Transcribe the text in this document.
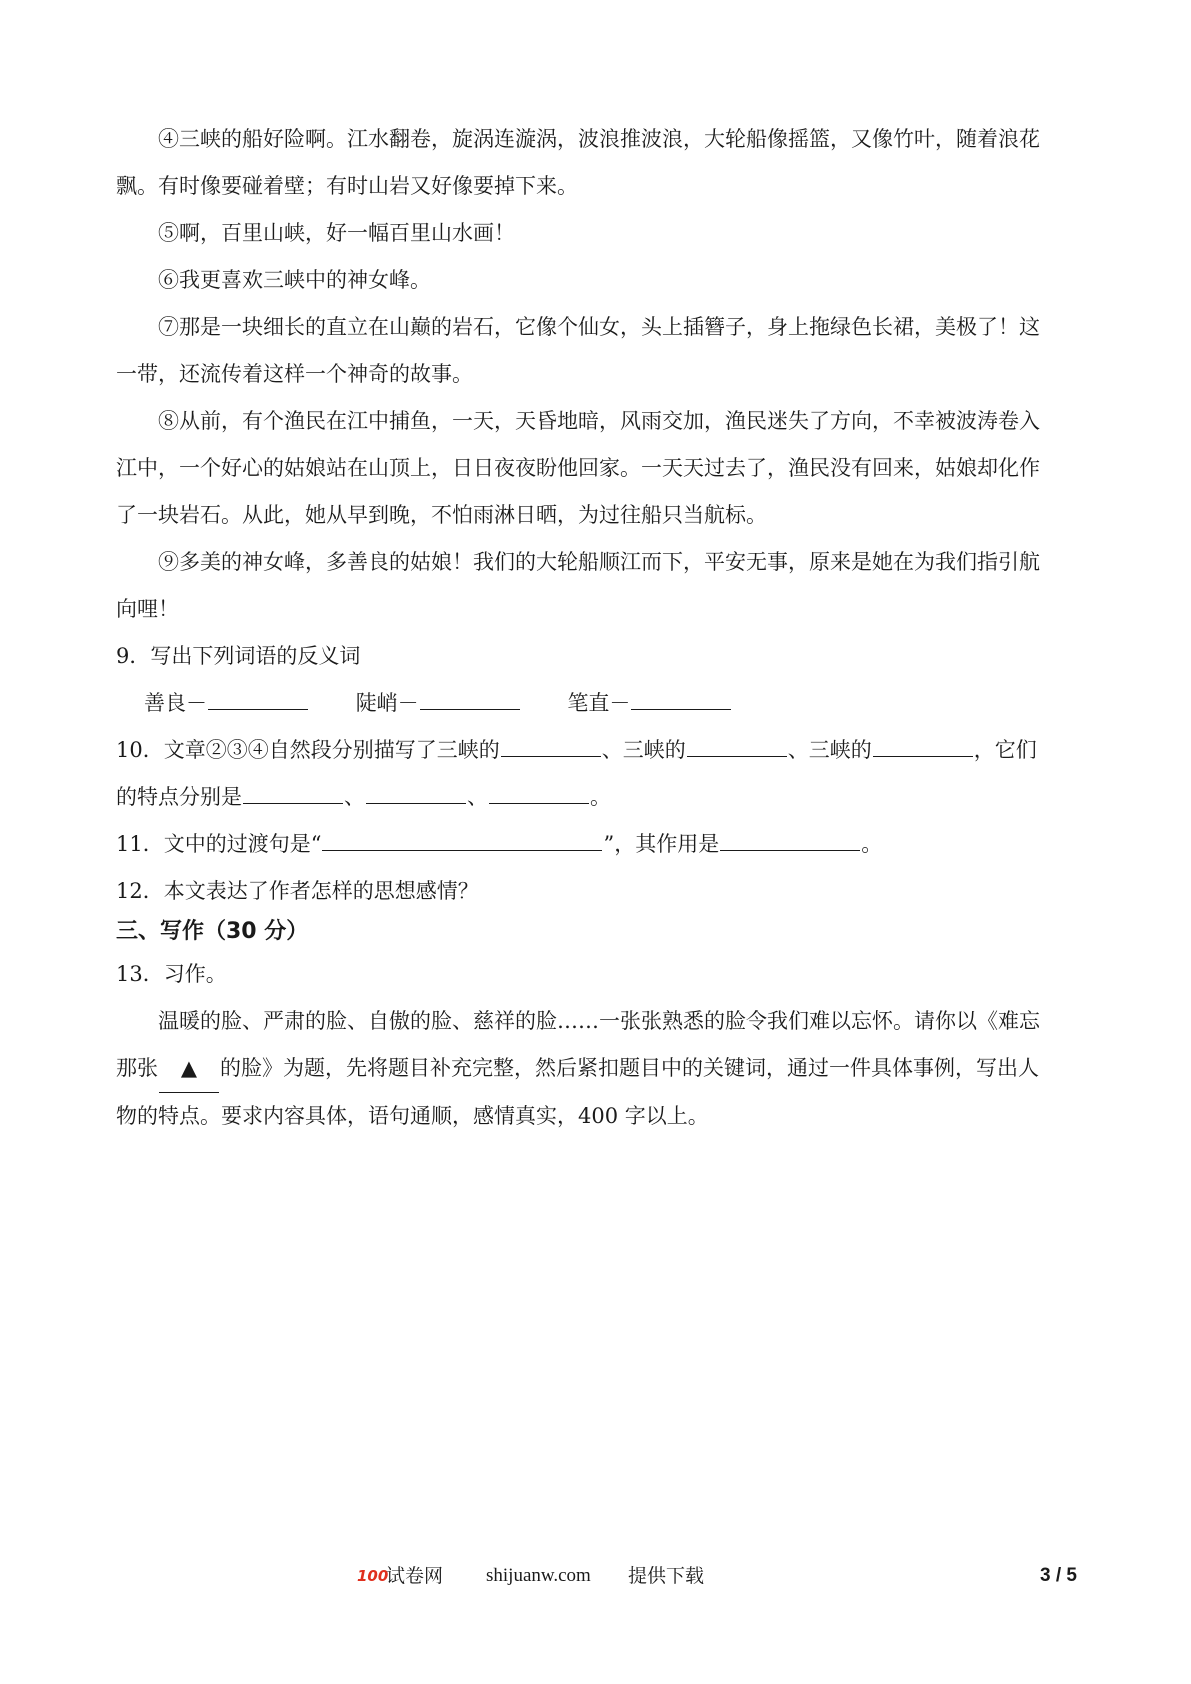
④三峡的船好险啊。江水翻卷，旋涡连漩涡，波浪推波浪，大轮船像摇篮，又像竹叶，随着浪花
飘。有时像要碰着壁；有时山岩又好像要掉下来。
⑤啊，百里山峡，好一幅百里山水画！
⑥我更喜欢三峡中的神女峰。
⑦那是一块细长的直立在山巅的岩石，它像个仙女，头上插簪子，身上拖绿色长裙，美极了！这
一带，还流传着这样一个神奇的故事。
⑧从前，有个渔民在江中捕鱼，一天，天昏地暗，风雨交加，渔民迷失了方向，不幸被波涛卷入
江中，一个好心的姑娘站在山顶上，日日夜夜盼他回家。一天天过去了，渔民没有回来，姑娘却化作
了一块岩石。从此，她从早到晚，不怕雨淋日晒，为过往船只当航标。
⑨多美的神女峰，多善良的姑娘！我们的大轮船顺江而下，平安无事，原来是她在为我们指引航
向哩！
9．写出下列词语的反义词
善良－	陡峭－	笔直－
10．文章②③④自然段分别描写了三峡的	、三峡的	、三峡的	，它们
的特点分别是	、	、	。
11．文中的过渡句是“	”，其作用是	。
12．本文表达了作者怎样的思想感情？
三、写作（30 分）
13．习作。
温暖的脸、严肃的脸、自傲的脸、慈祥的脸……一张张熟悉的脸令我们难以忘怀。请你以《难忘
那张 ▲ 的脸》为题，先将题目补充完整，然后紧扣题目中的关键词，通过一件具体事例，写出人
物的特点。要求内容具体，语句通顺，感情真实，400 字以上。
100
试卷网 shijuanw.com 提供下载	3 / 5
